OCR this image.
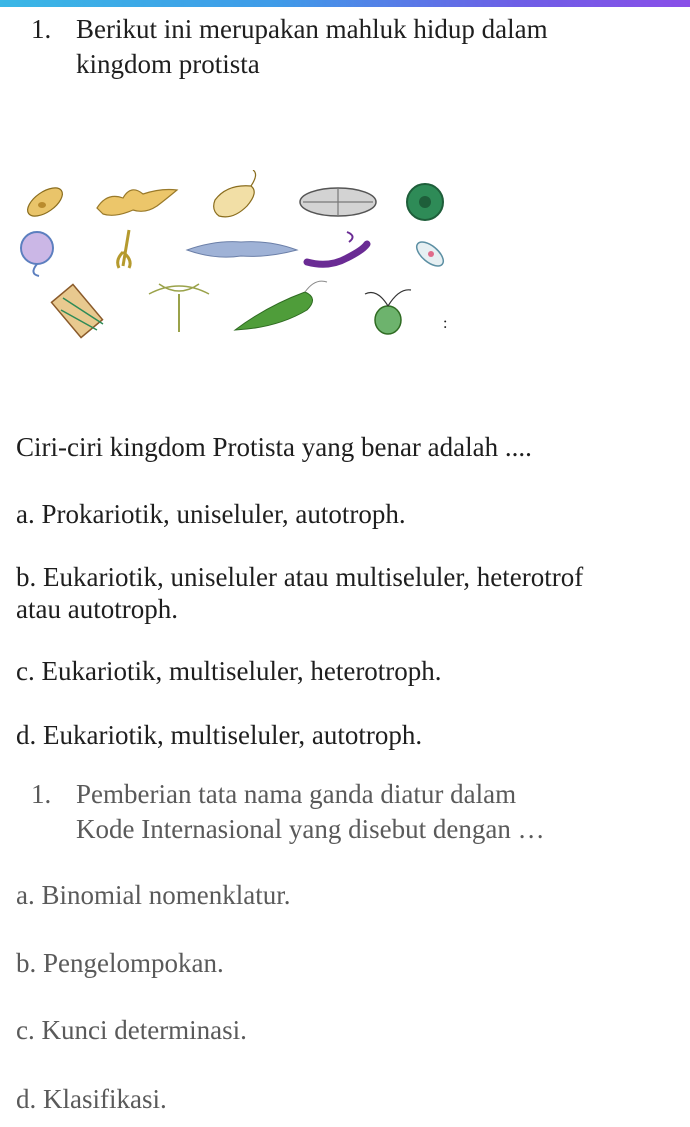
1. Berikut ini merupakan mahluk hidup dalam
kingdom protista
:
Ciri-ciri kingdom Protista yang benar adalah ....
a. Prokariotik, uniseluler, autotroph.
b. Eukariotik, uniseluler atau multiseluler, heterotrof
atau autotroph.
c. Eukariotik, multiseluler, heterotroph.
d. Eukariotik, multiseluler, autotroph.
1. Pemberian tata nama ganda diatur dalam
Kode Internasional yang disebut dengan …
a. Binomial nomenklatur.
b. Pengelompokan.
c. Kunci determinasi.
d. Klasifikasi.
